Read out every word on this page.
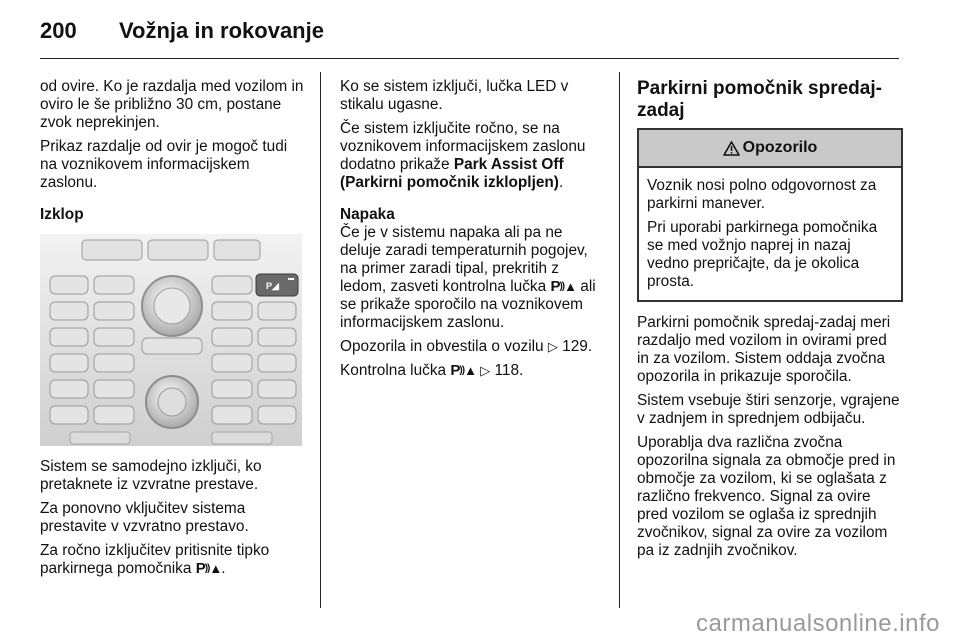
200 Vožnja in rokovanje

od ovire. Ko je razdalja med vozilom in oviro le še približno 30 cm, postane zvok neprekinjen.

Prikaz razdalje od ovir je mogoč tudi na voznikovem informacijskem zaslonu.

Izklop

P◢

Sistem se samodejno izključi, ko pretaknete iz vzvratne prestave.

Za ponovno vključitev sistema prestavite v vzvratno prestavo.

Za ročno izključitev pritisnite tipko parkirnega pomočnika P))▲.

Ko se sistem izključi, lučka LED v stikalu ugasne.

Če sistem izključite ročno, se na voznikovem informacijskem zaslonu dodatno prikaže Park Assist Off (Parkirni pomočnik izklopljen).

Napaka

Če je v sistemu napaka ali pa ne deluje zaradi temperaturnih pogojev, na primer zaradi tipal, prekritih z ledom, zasveti kontrolna lučka P))▲ ali se prikaže sporočilo na voznikovem informacijskem zaslonu.

Opozorila in obvestila o vozilu ▷ 129.

Kontrolna lučka P))▲ ▷ 118.

Parkirni pomočnik spredaj-zadaj

Opozorilo

Voznik nosi polno odgovornost za parkirni manever.

Pri uporabi parkirnega pomočnika se med vožnjo naprej in nazaj vedno prepričajte, da je okolica prosta.

Parkirni pomočnik spredaj-zadaj meri razdaljo med vozilom in ovirami pred in za vozilom. Sistem oddaja zvočna opozorila in prikazuje sporočila.

Sistem vsebuje štiri senzorje, vgrajene v zadnjem in sprednjem odbijaču.

Uporablja dva različna zvočna opozorilna signala za območje pred in območje za vozilom, ki se oglašata z različno frekvenco. Signal za ovire pred vozilom se oglaša iz sprednjih zvočnikov, signal za ovire za vozilom pa iz zadnjih zvočnikov.

carmanualsonline.info
